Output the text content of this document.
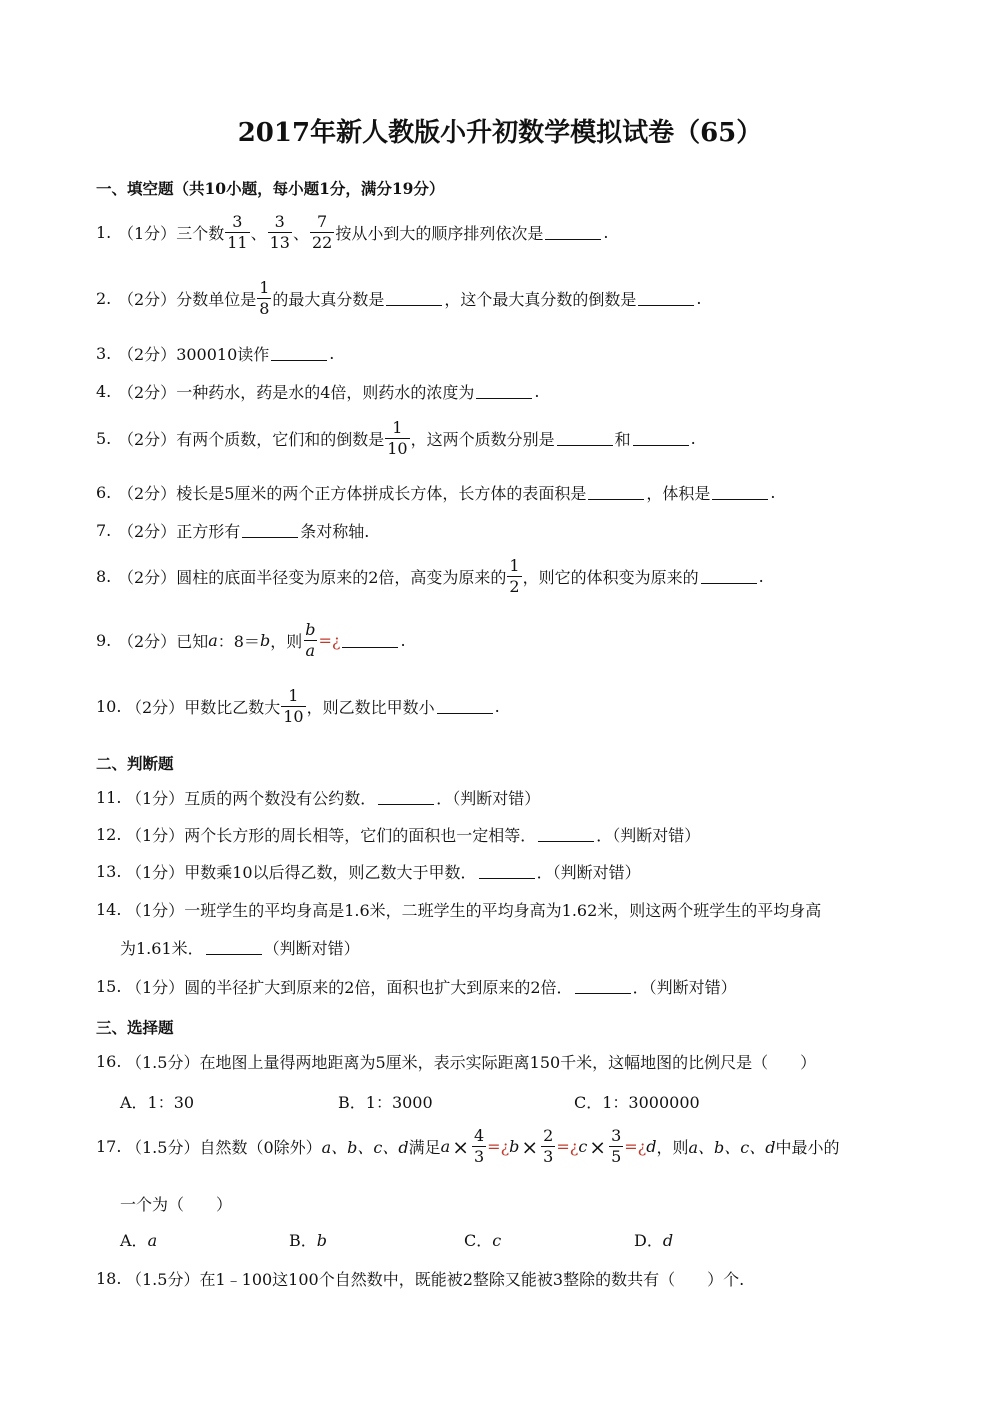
2017年新人教版小升初数学模拟试卷（65）
一、填空题（共10小题，每小题1分，满分19分）
1. （1分） 三个数 $\frac{3}{11}$ 、 $\frac{3}{13}$ 、 $\frac{7}{22}$ 按从小到大的顺序排列依次是	.
2. （2分） 分数单位是 $\frac{1}{8}$ 的最大真分数是	，这个最大真分数的倒数是	.
3. （2分） 300010读作	.
4. （2分） 一种药水，药是水的4倍，则药水的浓度为	.
5. （2分） 有两个质数，它们和的倒数是 $\frac{1}{10}$ ，这两个质数分别是	和	.
6. （2分） 棱长是5厘米的两个正方体拼成长方体，长方体的表面积是	，体积是	.
7. （2分） 正方形有	条对称轴.
8. （2分） 圆柱的底面半径变为原来的2倍，高变为原来的 $\frac{1}{2}$ ，则它的体积变为原来的	.
9. （2分） 已知 a ：8＝ b ，则 $\frac{b}{a}$ = ¿	.
10. （2分） 甲数比乙数大 $\frac{1}{10}$ ，则乙数比甲数小	.
二、判断题
11. （1分） 互质的两个数没有公约数．	．（判断对错）
12. （1分） 两个长方形的周长相等，它们的面积也一定相等．	．（判断对错）
13. （1分） 甲数乘10以后得乙数，则乙数大于甲数．	．（判断对错）
14. （1分） 一班学生的平均身高是1.6米，二班学生的平均身高为1.62米，则这两个班学生的平均身高
为1.61米．	（判断对错）
15. （1分） 圆的半径扩大到原来的2倍，面积也扩大到原来的2倍．	．（判断对错）
三、选择题
16. （1.5分） 在地图上量得两地距离为5厘米，表示实际距离150千米，这幅地图的比例尺是（　　）
A．1：30	B．1：3000	C．1：3000000
17. （1.5分） 自然数（0除外） a、b、c、d 满足 $a \times \frac{4}{3}$ = ¿ $b \times \frac{2}{3}$ = ¿ $c \times \frac{3}{5}$ = ¿ d ，则 a、b、c、d 中最小的
一个为（　　）
A．a	B．b	C．c	D．d
18. （1.5分） 在1﹣100这100个自然数中，既能被2整除又能被3整除的数共有（　　）个.
